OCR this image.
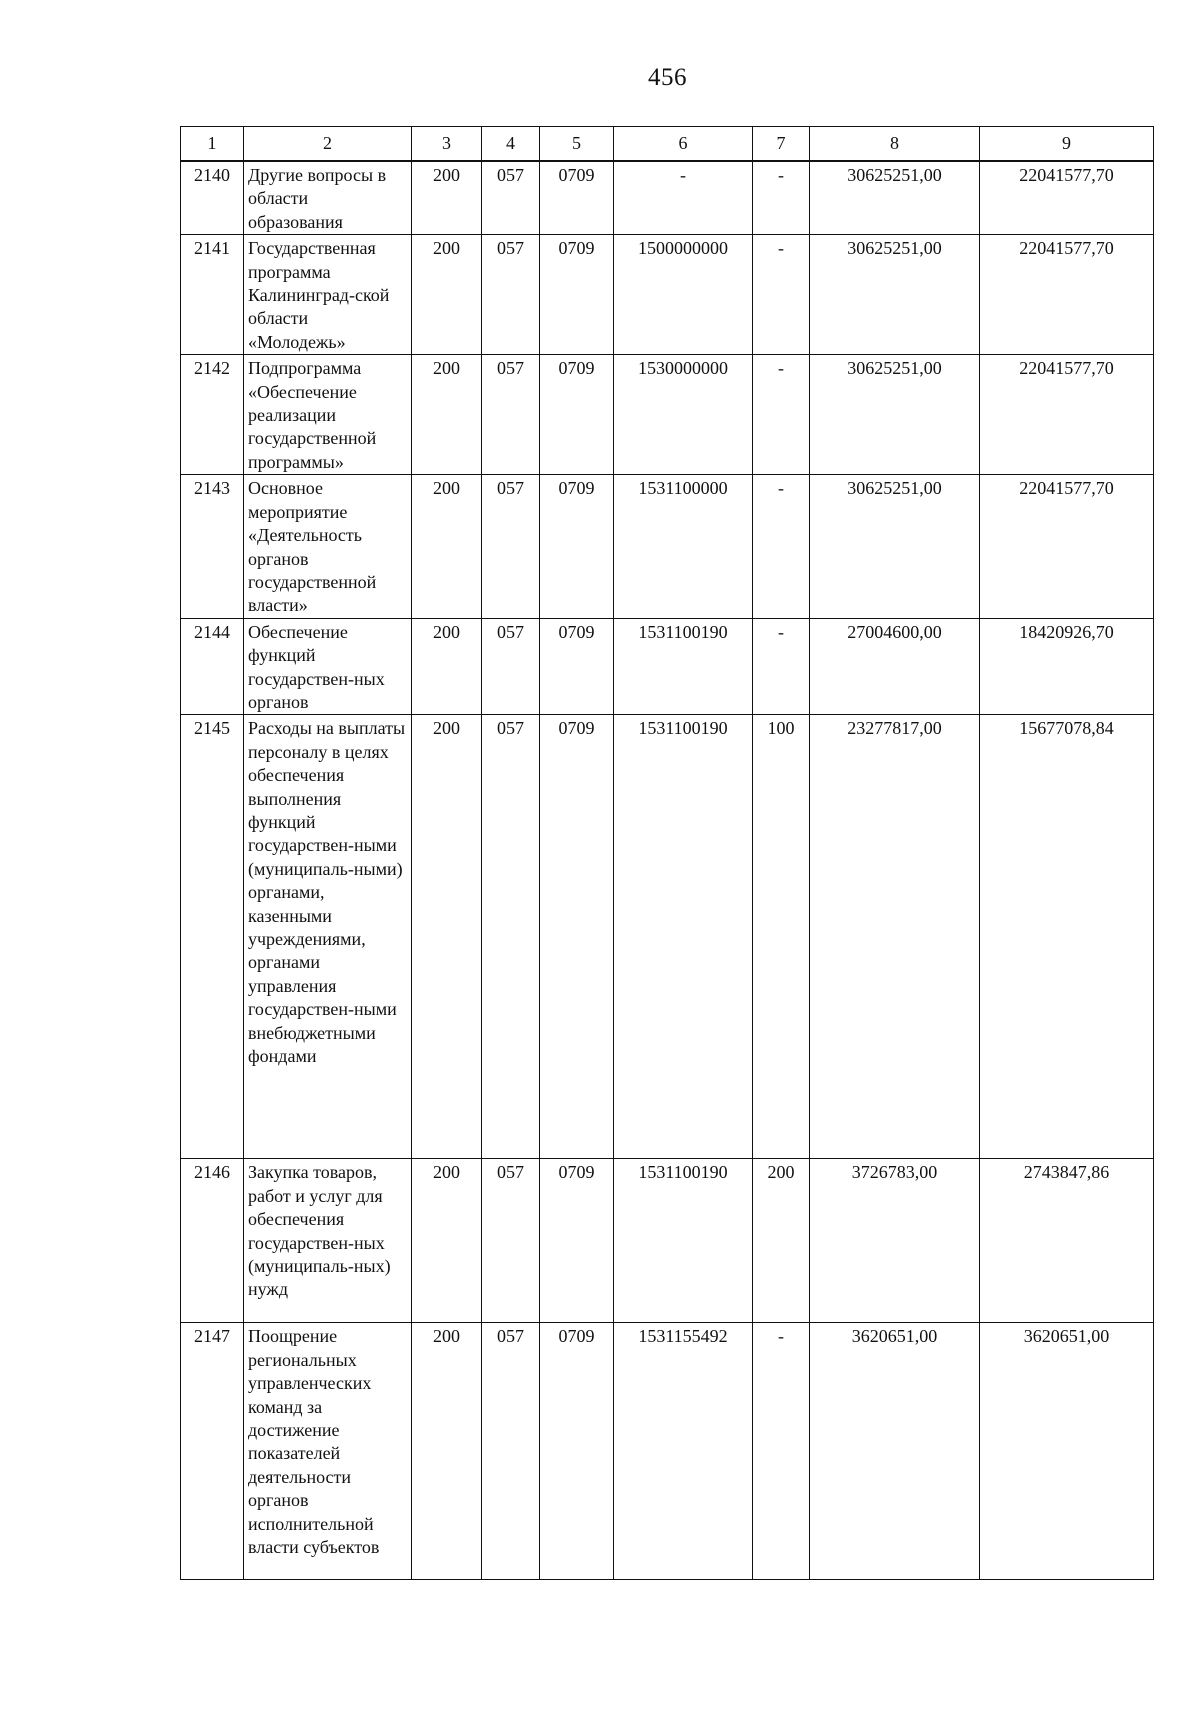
456
1	2	3	4	5	6	7	8	9
2140	Другие вопросы в области образования	200	057	0709	-	-	30625251,00	22041577,70
2141	Государственная программа Калинингрaд-ской области «Молодежь»	200	057	0709	1500000000	-	30625251,00	22041577,70
2142	Подпрограмма «Обеспечение реализации государственной программы»	200	057	0709	1530000000	-	30625251,00	22041577,70
2143	Основное мероприятие «Деятельность органов государственной власти»	200	057	0709	1531100000	-	30625251,00	22041577,70
2144	Обеспечение функций государствен-ных органов	200	057	0709	1531100190	-	27004600,00	18420926,70
2145	Расходы на выплаты персоналу в целях обеспечения выполнения функций государствен-ными (муниципаль-ными) органами, казенными учреждениями, органами управления государствен-ными внебюджетными фондами	200	057	0709	1531100190	100	23277817,00	15677078,84
2146	Закупка товаров, работ и услуг для обеспечения государствен-ных (муниципаль-ных) нужд	200	057	0709	1531100190	200	3726783,00	2743847,86
2147	Поощрение региональных управленческих команд за достижение показателей деятельности органов исполнительной власти субъектов	200	057	0709	1531155492	-	3620651,00	3620651,00
